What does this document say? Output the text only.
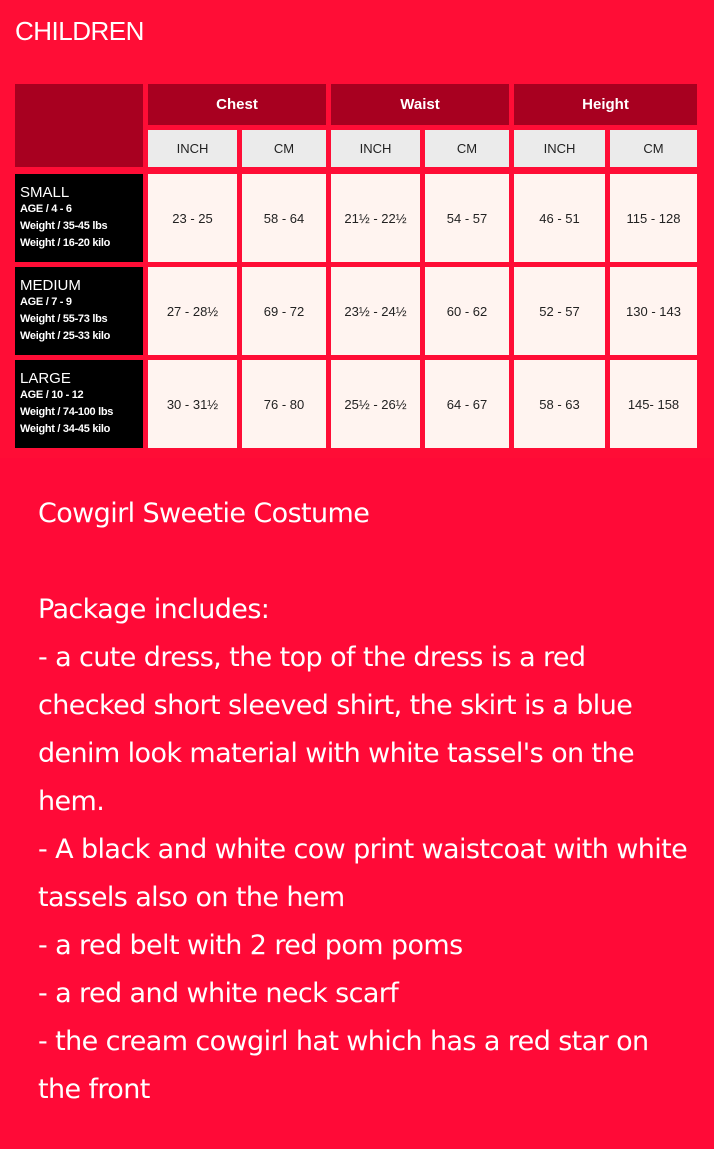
CHILDREN
Chest	Waist	Height
INCH	CM	INCH	CM	INCH	CM
SMALL
AGE / 4 - 6
Weight / 35-45 lbs
Weight / 16-20 kilo
23 - 25	58 - 64	21½ - 22½	54 - 57	46 - 51	115 - 128
MEDIUM
AGE / 7 - 9
Weight / 55-73 lbs
Weight / 25-33 kilo
27 - 28½	69 - 72	23½ - 24½	60 - 62	52 - 57	130 - 143
LARGE
AGE / 10 - 12
Weight / 74-100 lbs
Weight / 34-45 kilo
30 - 31½	76 - 80	25½ - 26½	64 - 67	58 - 63	145- 158

Cowgirl Sweetie Costume

Package includes:

- a cute dress, the top of the dress is a red checked short sleeved shirt, the skirt is a blue denim look material with white tassel's on the hem.

- A black and white cow print waistcoat with white tassels also on the hem

- a red belt with 2 red pom poms

- a red and white neck scarf

- the cream cowgirl hat which has a red star on the front
